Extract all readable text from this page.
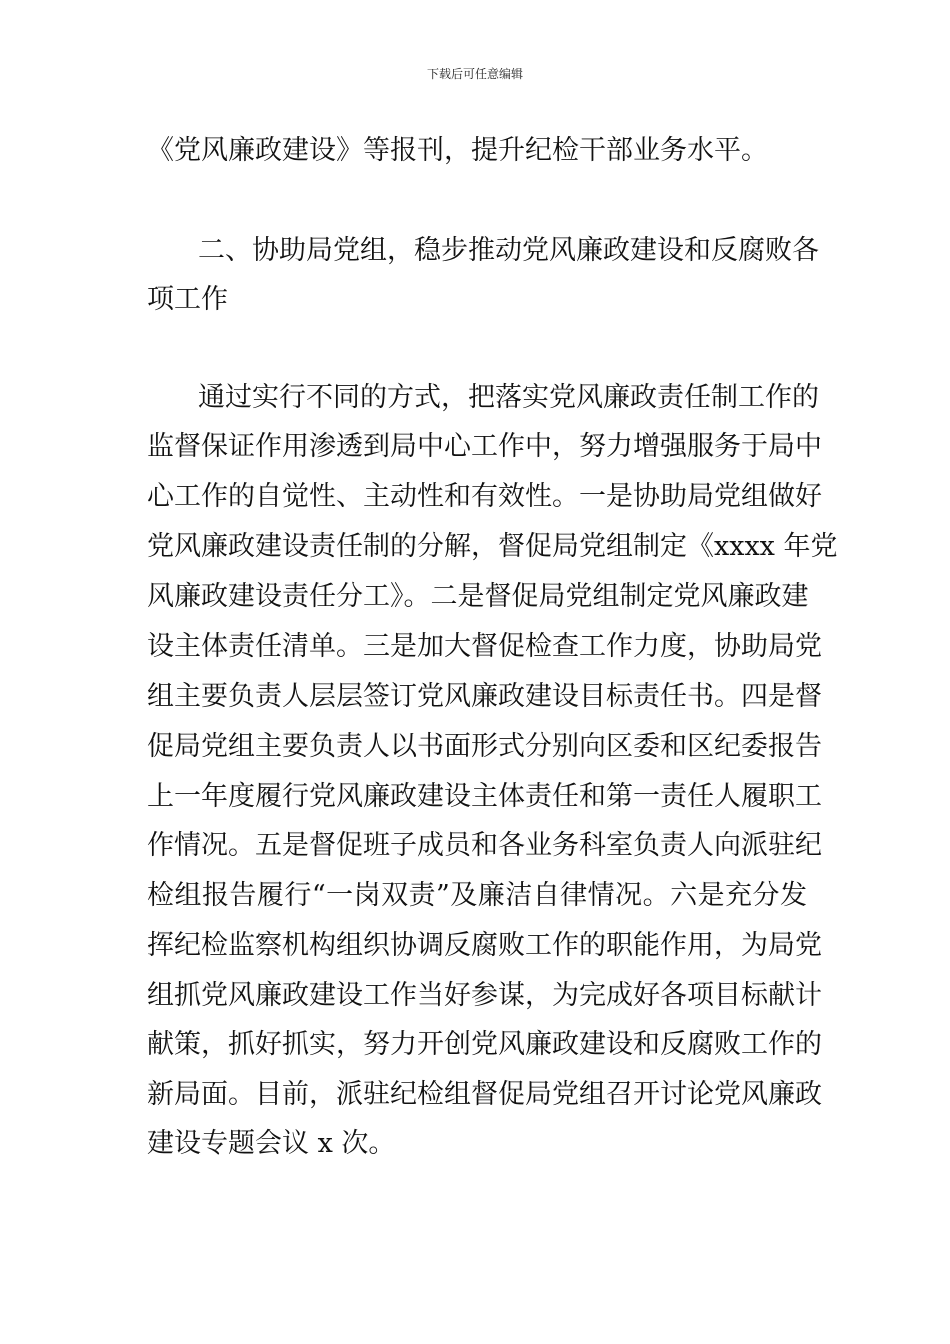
下载后可任意编辑
《党风廉政建设》等报刊，提升纪检干部业务水平。
二、协助局党组，稳步推动党风廉政建设和反腐败各
项工作
通过实行不同的方式，把落实党风廉政责任制工作的
监督保证作用渗透到局中心工作中，努力增强服务于局中
心工作的自觉性、主动性和有效性。一是协助局党组做好
党风廉政建设责任制的分解，督促局党组制定《xxxx 年党
风廉政建设责任分工》。二是督促局党组制定党风廉政建
设主体责任清单。三是加大督促检查工作力度，协助局党
组主要负责人层层签订党风廉政建设目标责任书。四是督
促局党组主要负责人以书面形式分别向区委和区纪委报告
上一年度履行党风廉政建设主体责任和第一责任人履职工
作情况。五是督促班子成员和各业务科室负责人向派驻纪
检组报告履行“一岗双责”及廉洁自律情况。六是充分发
挥纪检监察机构组织协调反腐败工作的职能作用，为局党
组抓党风廉政建设工作当好参谋，为完成好各项目标献计
献策，抓好抓实，努力开创党风廉政建设和反腐败工作的
新局面。目前，派驻纪检组督促局党组召开讨论党风廉政
建设专题会议 x 次。
